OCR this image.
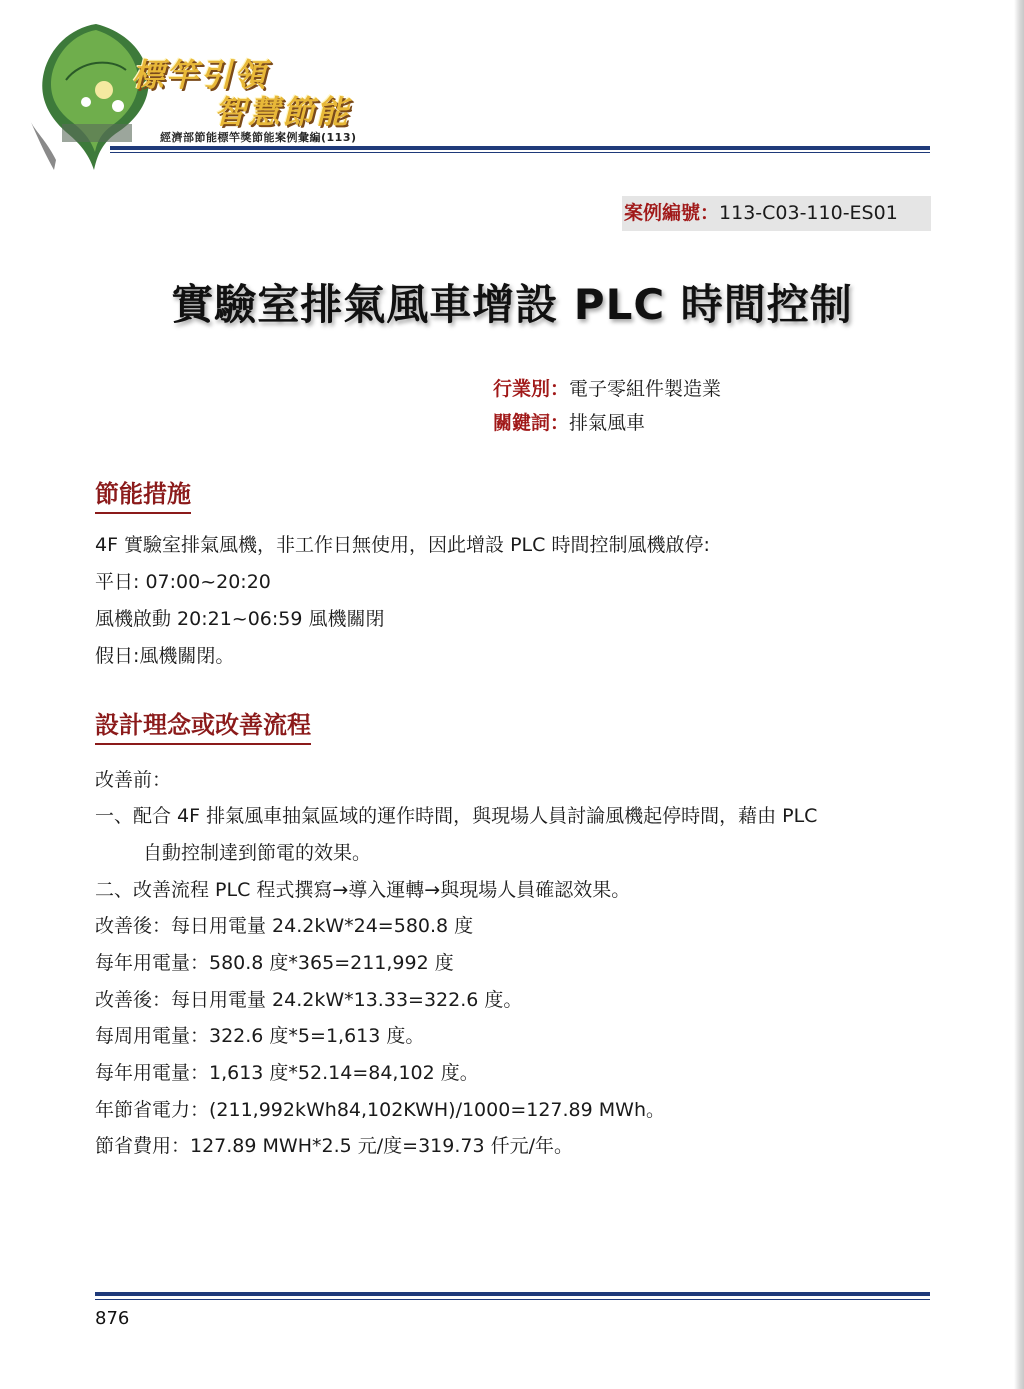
標竿引領
智慧節能
經濟部節能標竿獎節能案例彙編(113)
案例編號：113-C03-110-ES01
實驗室排氣風車增設 PLC 時間控制
行業別：電子零組件製造業
關鍵詞：排氣風車
節能措施
4F 實驗室排氣風機，非工作日無使用，因此增設 PLC 時間控制風機啟停:
平日: 07:00~20:20
風機啟動 20:21~06:59 風機關閉
假日:風機關閉。
設計理念或改善流程
改善前：
一、配合 4F 排氣風車抽氣區域的運作時間，與現場人員討論風機起停時間，藉由 PLC
自動控制達到節電的效果。
二、改善流程 PLC 程式撰寫→導入運轉→與現場人員確認效果。
改善後：每日用電量 24.2kW*24=580.8 度
每年用電量：580.8 度*365=211,992 度
改善後：每日用電量 24.2kW*13.33=322.6 度。
每周用電量：322.6 度*5=1,613 度。
每年用電量：1,613 度*52.14=84,102 度。
年節省電力：(211,992kWh84,102KWH)/1000=127.89 MWh。
節省費用：127.89 MWH*2.5 元/度=319.73 仟元/年。
876
